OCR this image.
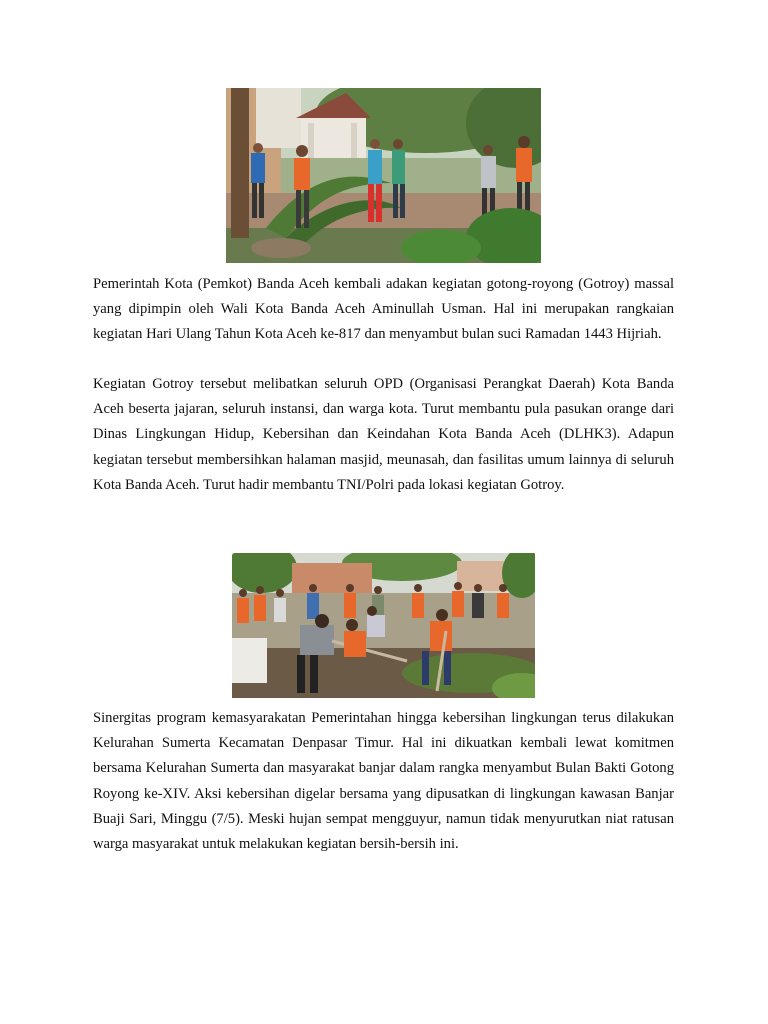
Pemerintah Kota (Pemkot) Banda Aceh kembali adakan kegiatan gotong-royong (Gotroy) massal yang dipimpin oleh Wali Kota Banda Aceh Aminullah Usman. Hal ini merupakan rangkaian kegiatan Hari Ulang Tahun Kota Aceh ke-817 dan menyambut bulan suci Ramadan 1443 Hijriah.

Kegiatan Gotroy tersebut melibatkan seluruh OPD (Organisasi Perangkat Daerah) Kota Banda Aceh beserta jajaran, seluruh instansi, dan warga kota. Turut membantu pula pasukan orange dari Dinas Lingkungan Hidup, Kebersihan dan Keindahan Kota Banda Aceh (DLHK3). Adapun kegiatan tersebut membersihkan halaman masjid, meunasah, dan fasilitas umum lainnya di seluruh Kota Banda Aceh. Turut hadir membantu TNI/Polri pada lokasi kegiatan Gotroy.

Sinergitas program kemasyarakatan Pemerintahan hingga kebersihan lingkungan terus dilakukan Kelurahan Sumerta Kecamatan Denpasar Timur. Hal ini dikuatkan kembali lewat komitmen bersama Kelurahan Sumerta dan masyarakat banjar dalam rangka menyambut Bulan Bakti Gotong Royong ke-XIV. Aksi kebersihan digelar bersama yang dipusatkan di lingkungan kawasan Banjar Buaji Sari, Minggu (7/5). Meski hujan sempat mengguyur, namun tidak menyurutkan niat ratusan warga masyarakat untuk melakukan kegiatan bersih-bersih ini.
